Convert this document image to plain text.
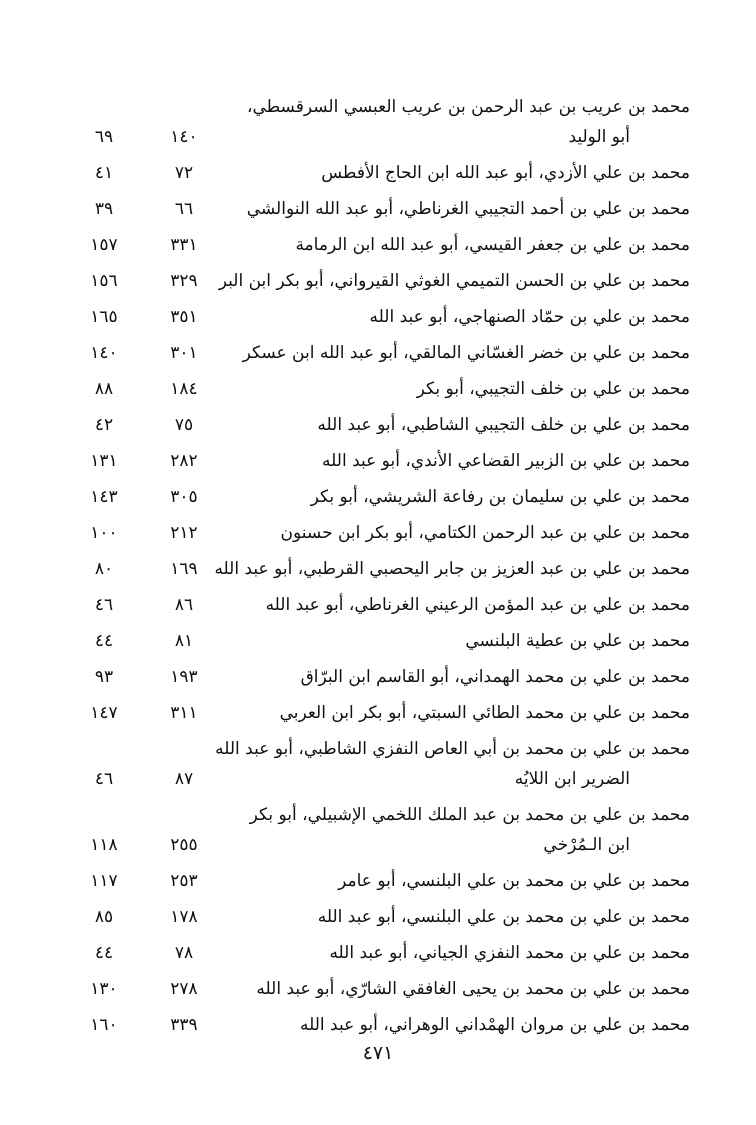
محمد بن عريب بن عبد الرحمن بن عريب العبسي السرقسطي،
أبو الوليد
١٤٠
٦٩
محمد بن علي الأزدي، أبو عبد الله ابن الحاج الأفطس
٧٢
٤١
محمد بن علي بن أحمد التجيبي الغرناطي، أبو عبد الله النوالشي
٦٦
٣٩
محمد بن علي بن جعفر القيسي، أبو عبد الله ابن الرمامة
٣٣١
١٥٧
محمد بن علي بن الحسن التميمي الغوثي القيرواني، أبو بكر ابن البر
٣٢٩
١٥٦
محمد بن علي بن حمّاد الصنهاجي، أبو عبد الله
٣٥١
١٦٥
محمد بن علي بن خضر الغسّاني المالقي، أبو عبد الله ابن عسكر
٣٠١
١٤٠
محمد بن علي بن خلف التجيبي، أبو بكر
١٨٤
٨٨
محمد بن علي بن خلف التجيبي الشاطبي، أبو عبد الله
٧٥
٤٢
محمد بن علي بن الزبير القضاعي الأندي، أبو عبد الله
٢٨٢
١٣١
محمد بن علي بن سليمان بن رفاعة الشريشي، أبو بكر
٣٠٥
١٤٣
محمد بن علي بن عبد الرحمن الكتامي، أبو بكر ابن حسنون
٢١٢
١٠٠
محمد بن علي بن عبد العزيز بن جابر اليحصبي القرطبي، أبو عبد الله
١٦٩
٨٠
محمد بن علي بن عبد المؤمن الرعيني الغرناطي، أبو عبد الله
٨٦
٤٦
محمد بن علي بن عطية البلنسي
٨١
٤٤
محمد بن علي بن محمد الهمداني، أبو القاسم ابن البرّاق
١٩٣
٩٣
محمد بن علي بن محمد الطائي السبتي، أبو بكر ابن العربي
٣١١
١٤٧
محمد بن علي بن محمد بن أبي العاص النفزي الشاطبي، أبو عبد الله
الضرير ابن اللايُه
٨٧
٤٦
محمد بن علي بن محمد بن عبد الملك اللخمي الإشبيلي، أبو بكر
ابن الـمُرْخي
٢٥٥
١١٨
محمد بن علي بن محمد بن علي البلنسي، أبو عامر
٢٥٣
١١٧
محمد بن علي بن محمد بن علي البلنسي، أبو عبد الله
١٧٨
٨٥
محمد بن علي بن محمد النفزي الجياني، أبو عبد الله
٧٨
٤٤
محمد بن علي بن محمد بن يحيى الغافقي الشارّي، أبو عبد الله
٢٧٨
١٣٠
محمد بن علي بن مروان الهمْداني الوهراني، أبو عبد الله
٣٣٩
١٦٠
٤٧١
